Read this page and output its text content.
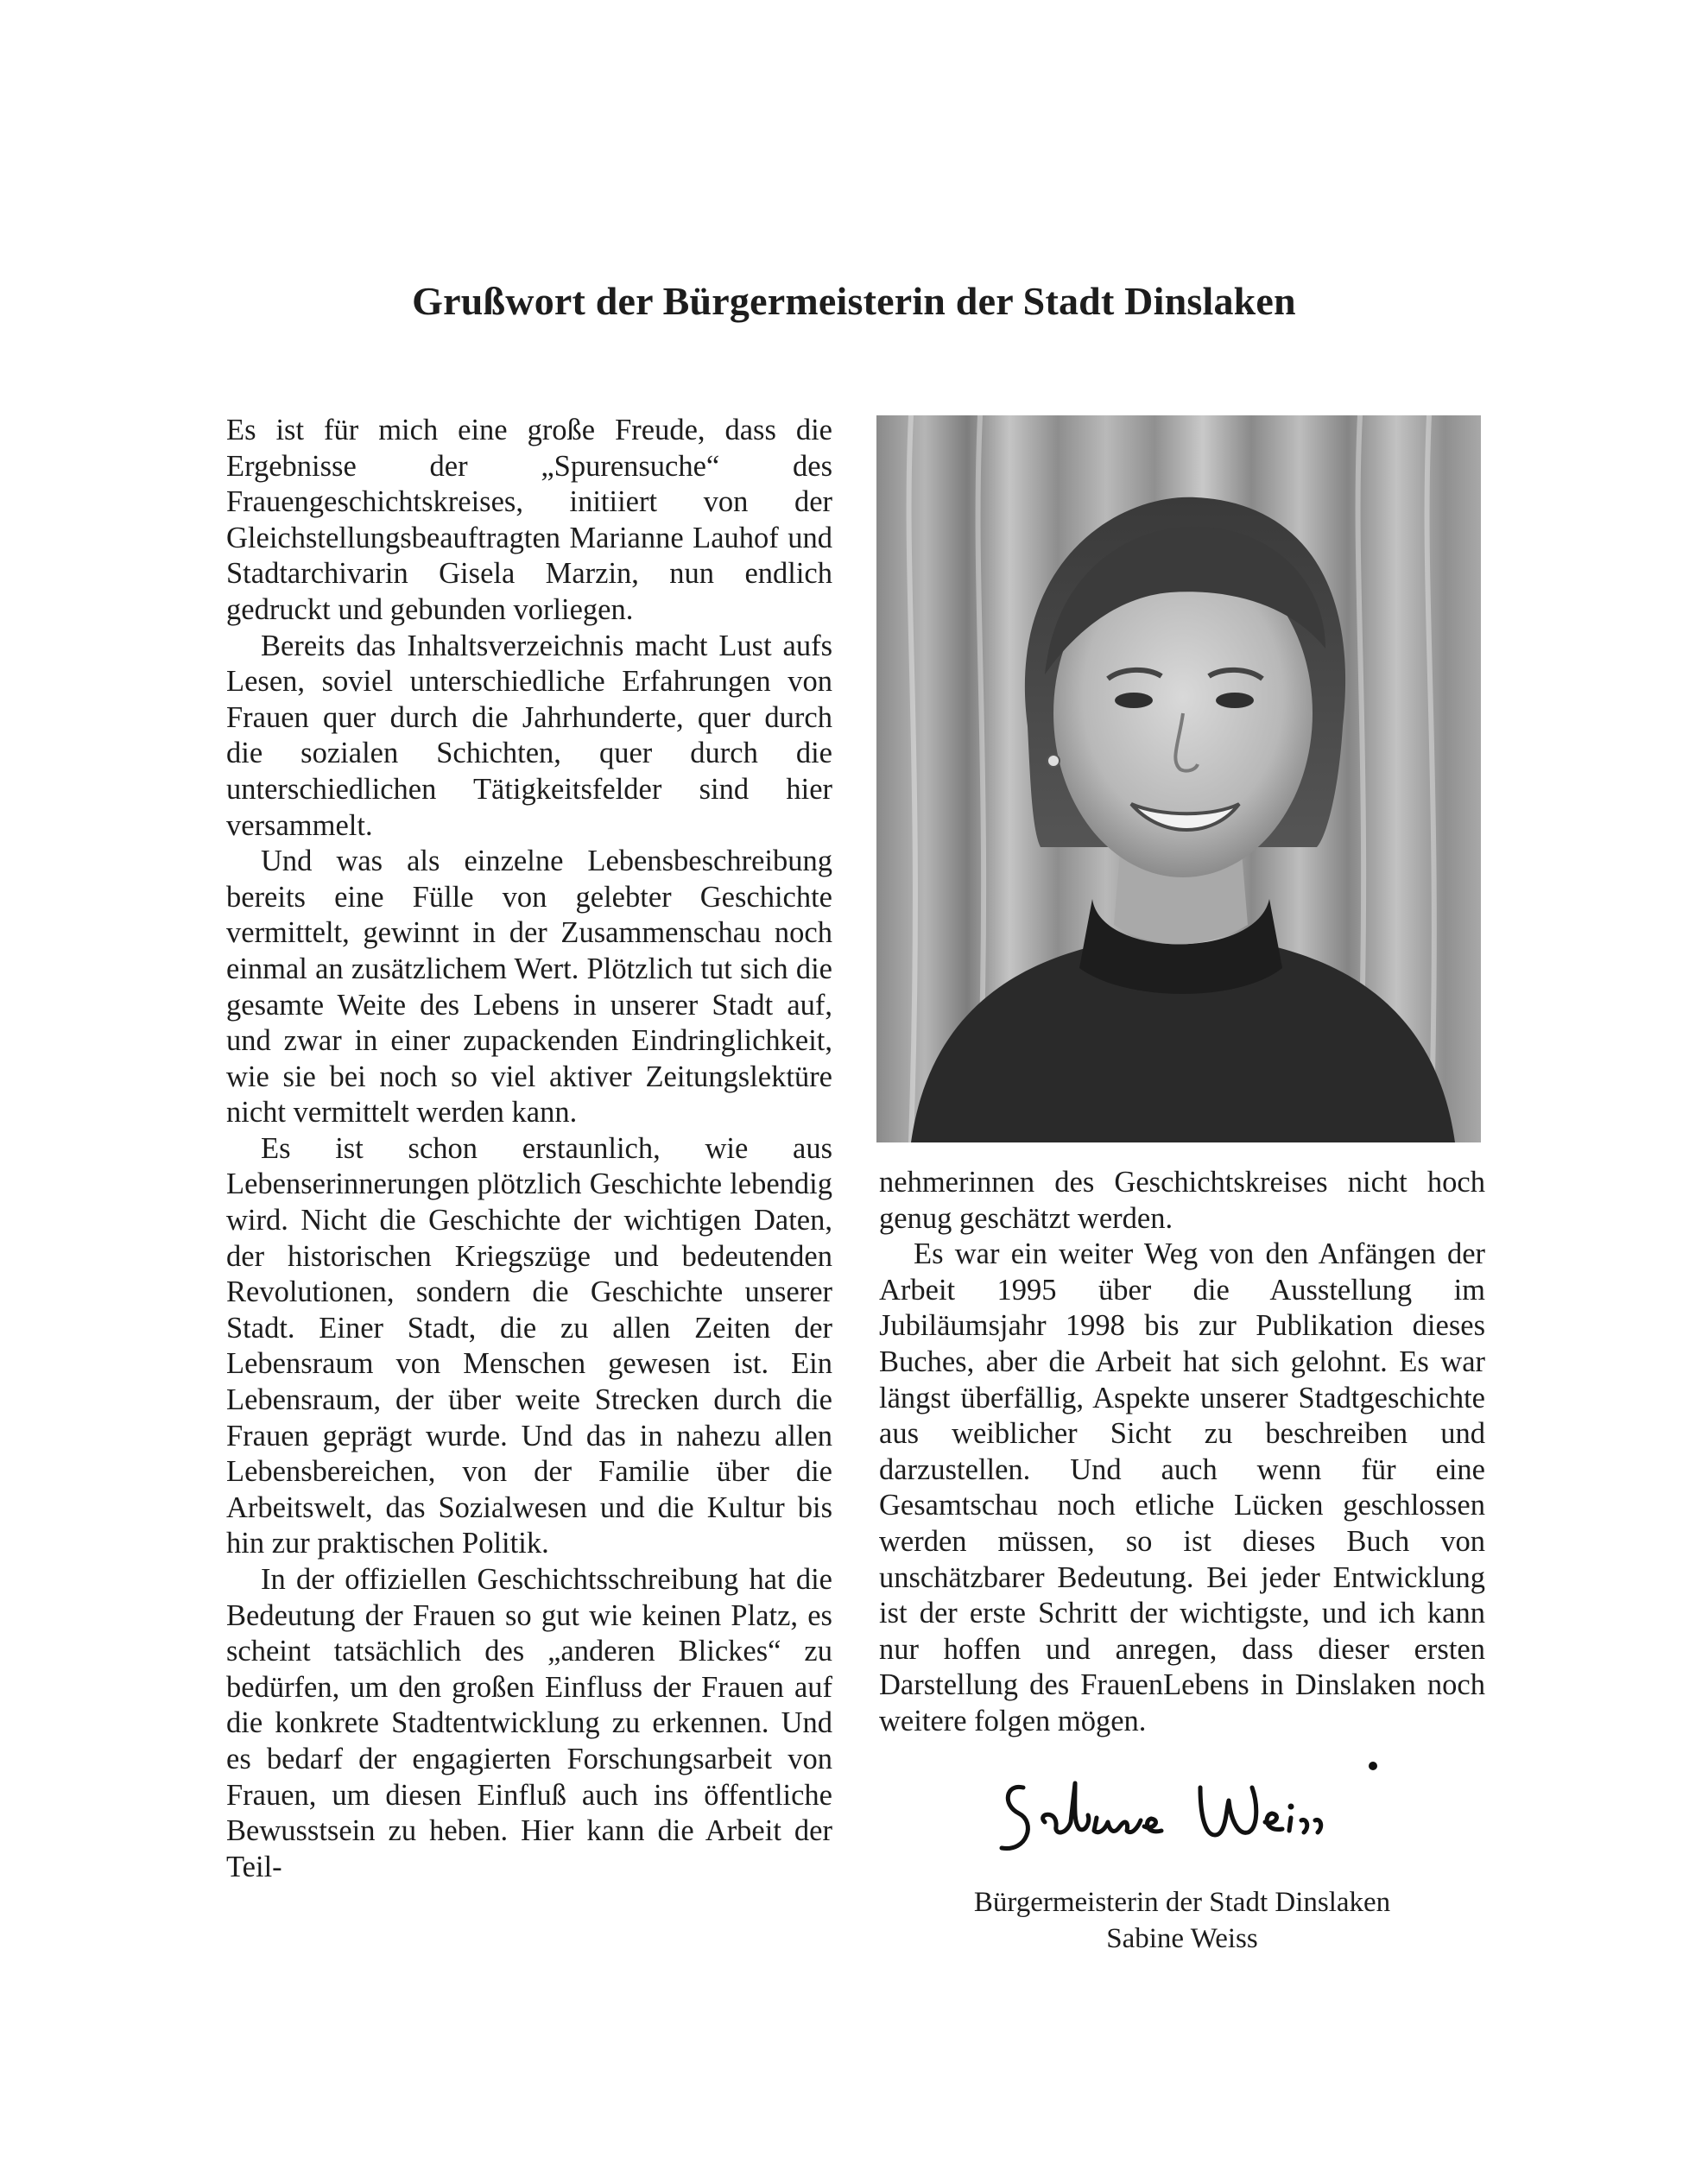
Grußwort der Bürgermeisterin der Stadt Dinslaken

Es ist für mich eine große Freude, dass die Ergebnisse der „Spurensuche“ des Frauengeschichtskreises, initiiert von der Gleichstellungsbeauftragten Marianne Lauhof und Stadtarchivarin Gisela Marzin, nun endlich gedruckt und gebunden vorliegen.

Bereits das Inhaltsverzeichnis macht Lust aufs Lesen, soviel unterschiedliche Erfahrungen von Frauen quer durch die Jahrhunderte, quer durch die sozialen Schichten, quer durch die unterschiedlichen Tätigkeitsfelder sind hier versammelt.

Und was als einzelne Lebensbeschreibung bereits eine Fülle von gelebter Geschichte vermittelt, gewinnt in der Zusammenschau noch einmal an zusätzlichem Wert. Plötzlich tut sich die gesamte Weite des Lebens in unserer Stadt auf, und zwar in einer zupackenden Eindringlichkeit, wie sie bei noch so viel aktiver Zeitungslektüre nicht vermittelt werden kann.

Es ist schon erstaunlich, wie aus Lebenserinnerungen plötzlich Geschichte lebendig wird. Nicht die Geschichte der wichtigen Daten, der historischen Kriegszüge und bedeutenden Revolutionen, sondern die Geschichte unserer Stadt. Einer Stadt, die zu allen Zeiten der Lebensraum von Menschen gewesen ist. Ein Lebensraum, der über weite Strecken durch die Frauen geprägt wurde. Und das in nahezu allen Lebensbereichen, von der Familie über die Arbeitswelt, das Sozialwesen und die Kultur bis hin zur praktischen Politik.

In der offiziellen Geschichtsschreibung hat die Bedeutung der Frauen so gut wie keinen Platz, es scheint tatsächlich des „anderen Blickes“ zu bedürfen, um den großen Einfluss der Frauen auf die konkrete Stadtentwicklung zu erkennen. Und es bedarf der engagierten Forschungsarbeit von Frauen, um diesen Einfluß auch ins öffentliche Bewusstsein zu heben. Hier kann die Arbeit der Teil-

nehmerinnen des Geschichtskreises nicht hoch genug geschätzt werden.

Es war ein weiter Weg von den Anfängen der Arbeit 1995 über die Ausstellung im Jubiläumsjahr 1998 bis zur Publikation dieses Buches, aber die Arbeit hat sich gelohnt. Es war längst überfällig, Aspekte unserer Stadtgeschichte aus weiblicher Sicht zu beschreiben und darzustellen. Und auch wenn für eine Gesamtschau noch etliche Lücken geschlossen werden müssen, so ist dieses Buch von unschätzbarer Bedeutung. Bei jeder Entwicklung ist der erste Schritt der wichtigste, und ich kann nur hoffen und anregen, dass dieser ersten Darstellung des FrauenLebens in Dinslaken noch weitere folgen mögen.

Bürgermeisterin der Stadt Dinslaken
Sabine Weiss
